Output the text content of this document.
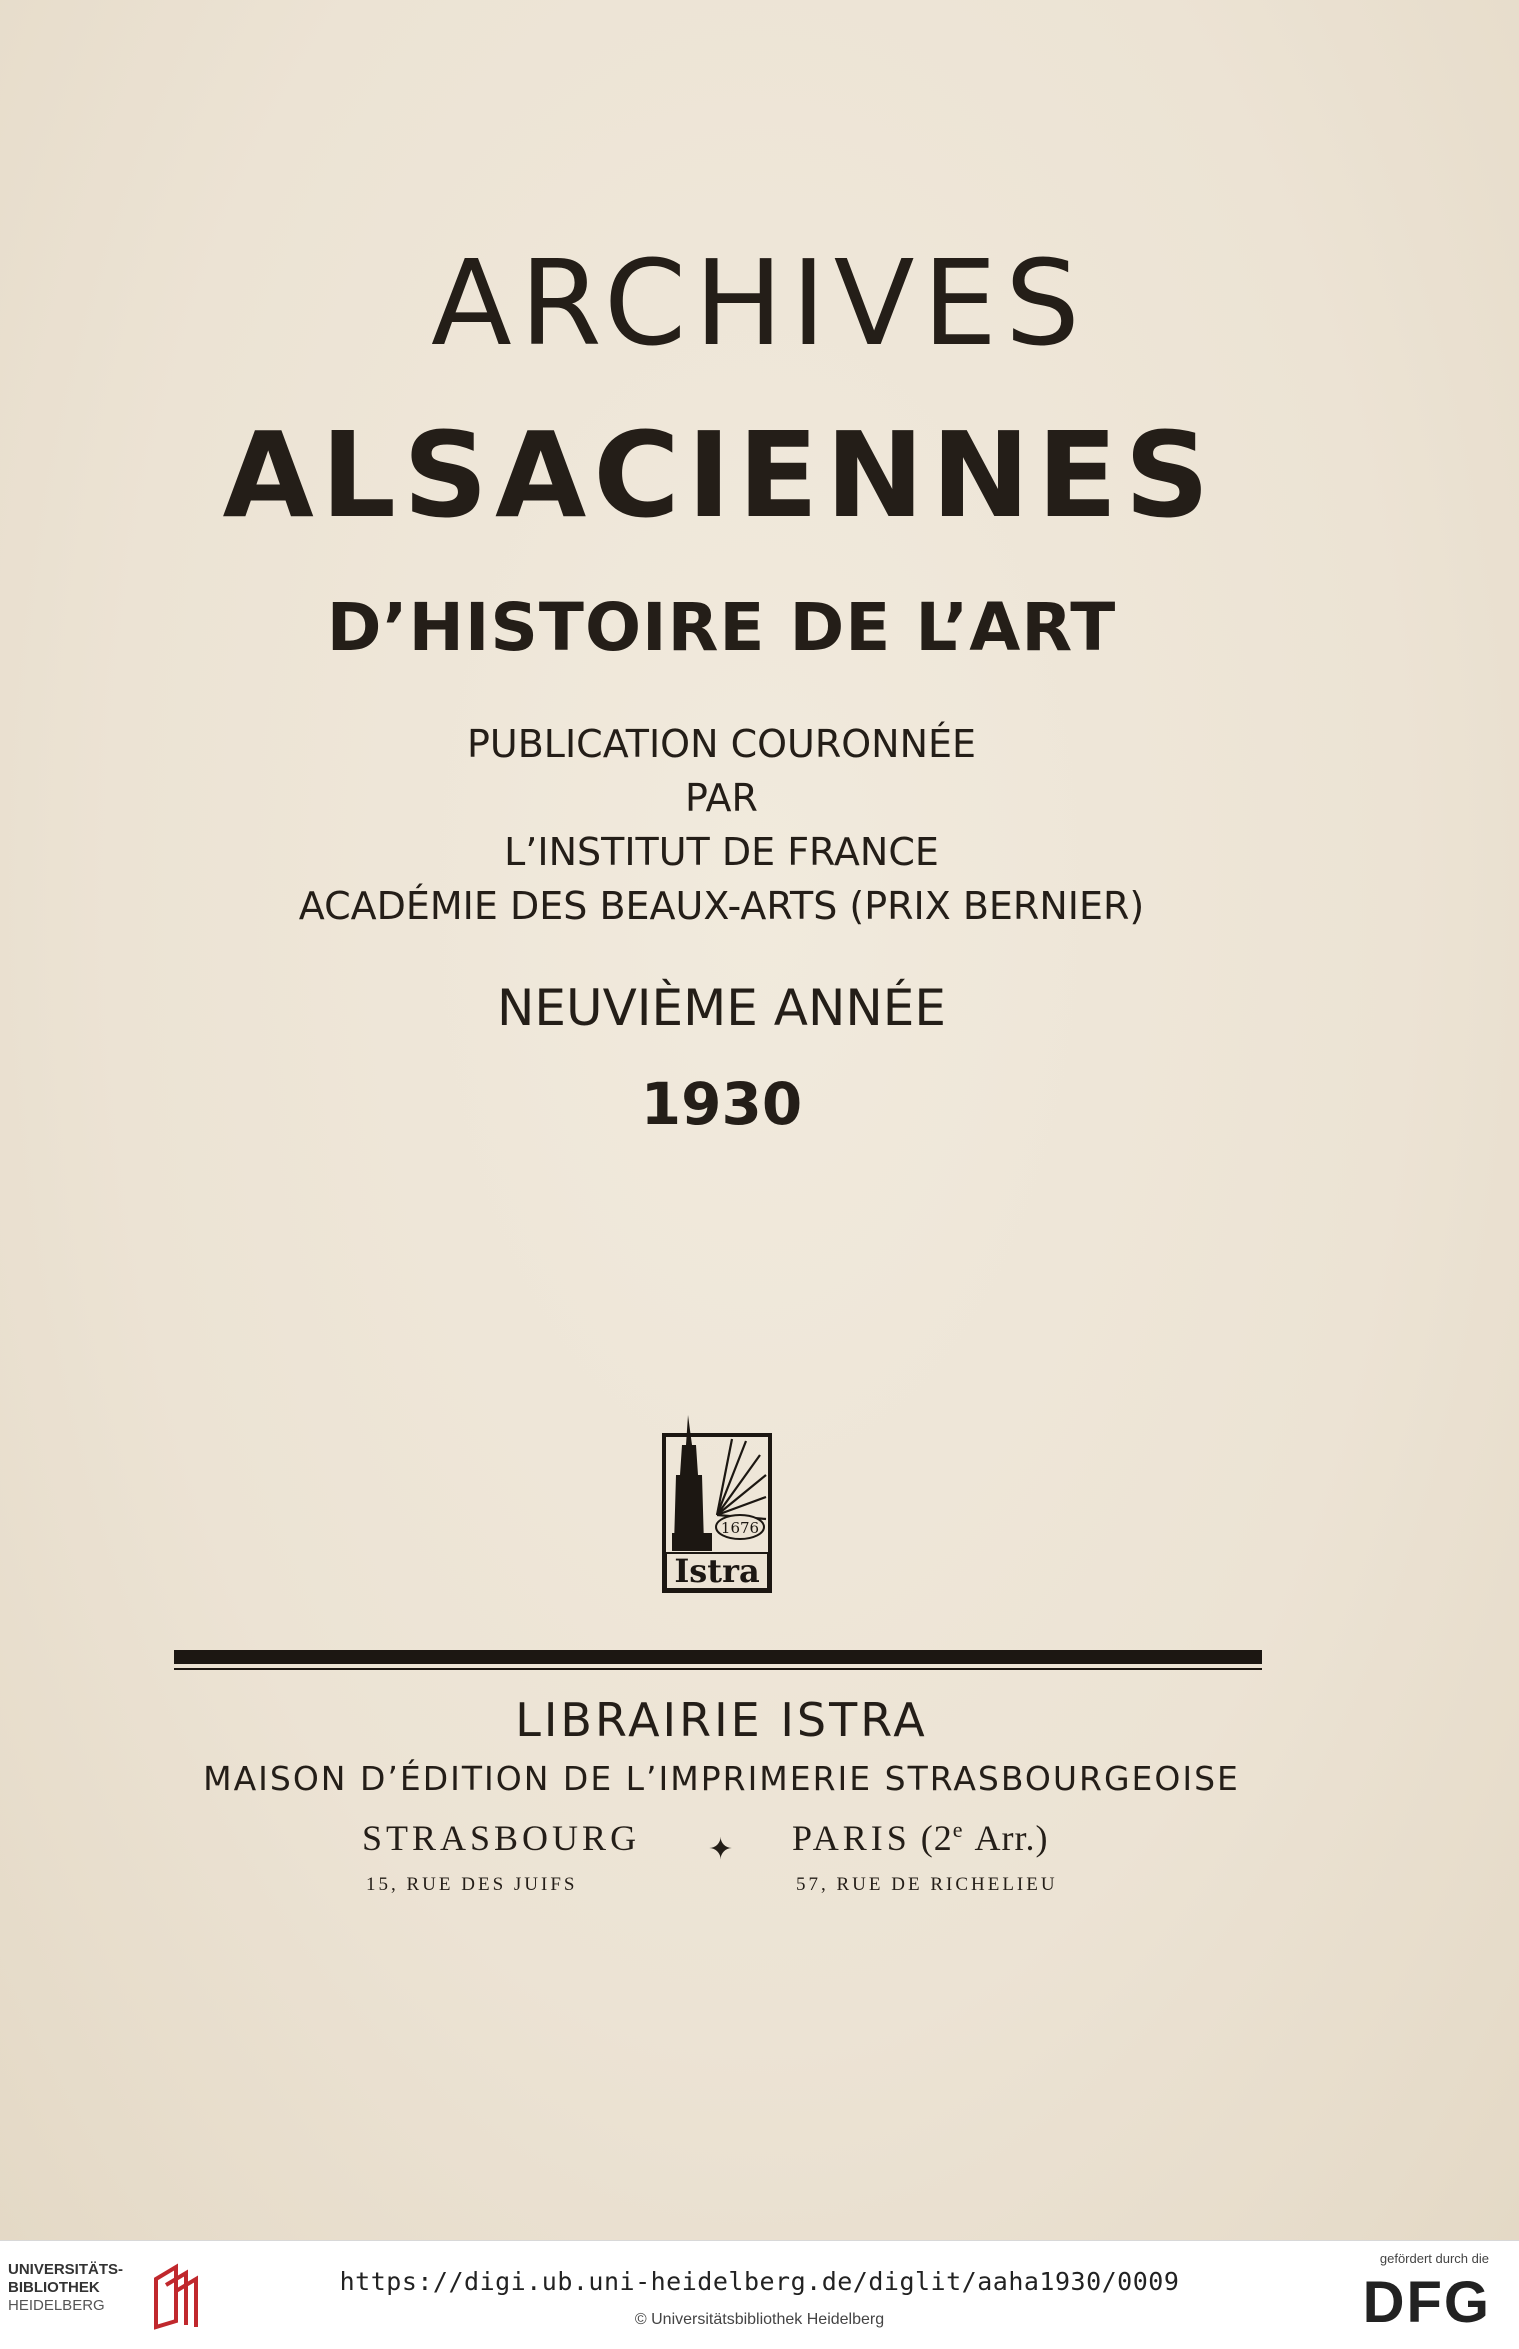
ARCHIVES
ALSACIENNES
D’HISTOIRE DE L’ART

PUBLICATION COURONNÉE

PAR

L’INSTITUT DE FRANCE

ACADÉMIE DES BEAUX-ARTS (PRIX BERNIER)

NEUVIÈME ANNÉE

1930

1676
Istra

LIBRAIRIE ISTRA

MAISON D’ÉDITION DE L’IMPRIMERIE STRASBOURGEOISE

STRASBOURG ✦ PARIS (2e Arr.)
15, RUE DES JUIFS	57, RUE DE RICHELIEU
UNIVERSITÄTS-
BIBLIOTHEK
HEIDELBERG
https://digi.ub.uni-heidelberg.de/diglit/aaha1930/0009
© Universitätsbibliothek Heidelberg
gefördert durch die
DFG
